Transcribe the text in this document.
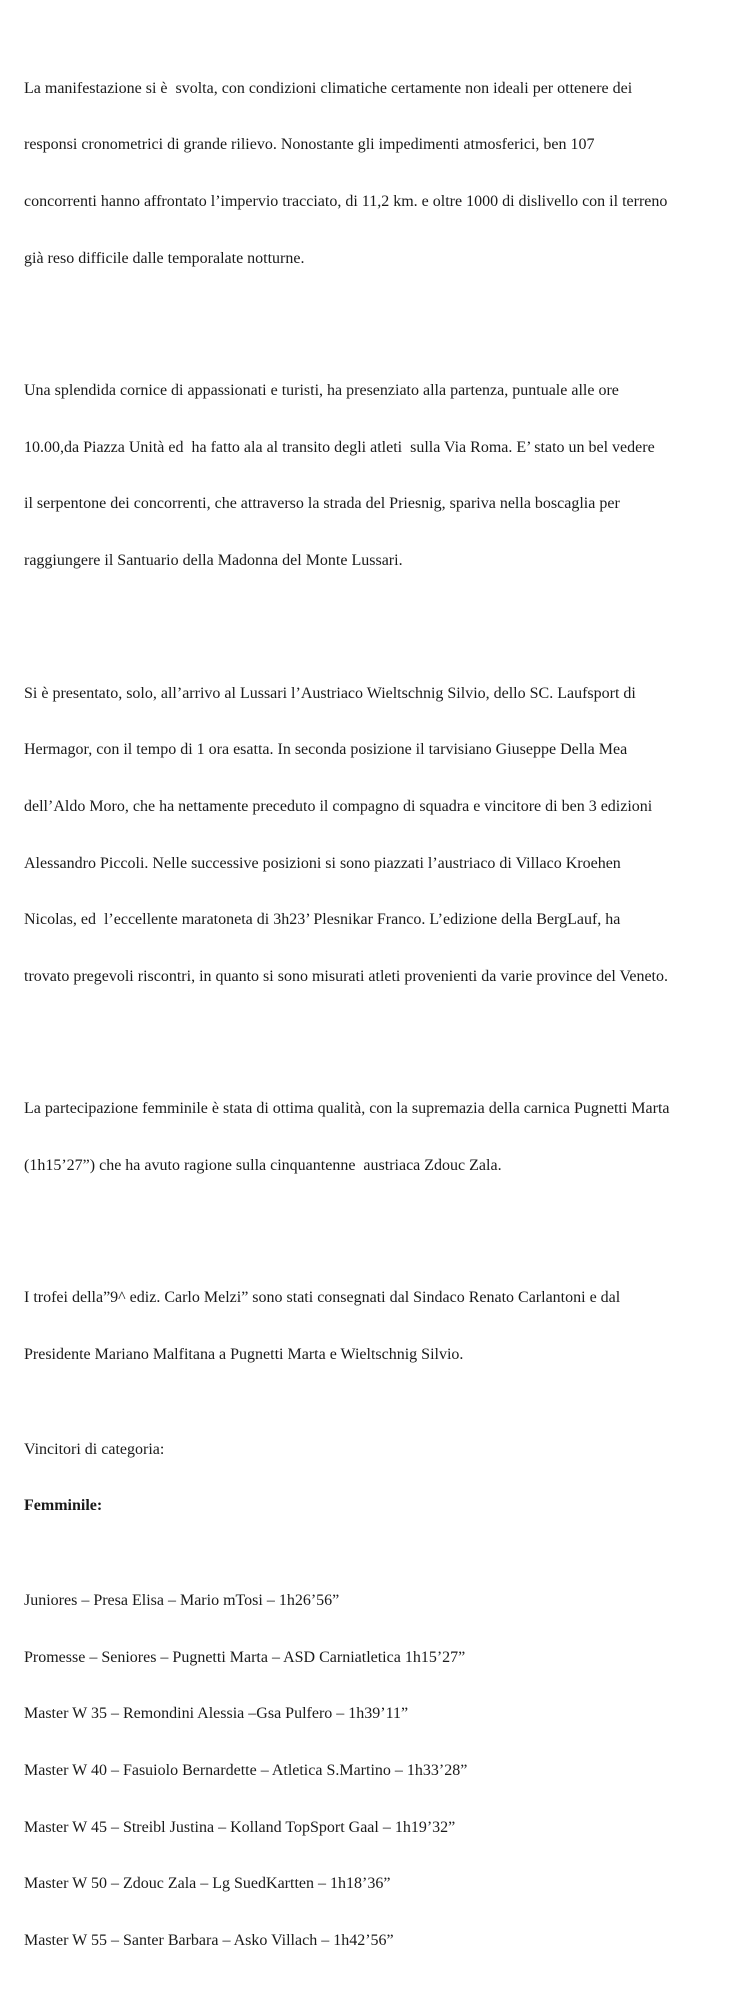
La manifestazione si è  svolta, con condizioni climatiche certamente non ideali per ottenere dei

responsi cronometrici di grande rilievo. Nonostante gli impedimenti atmosferici, ben 107

concorrenti hanno affrontato l’impervio tracciato, di 11,2 km. e oltre 1000 di dislivello con il terreno

già reso difficile dalle temporalate notturne.

Una splendida cornice di appassionati e turisti, ha presenziato alla partenza, puntuale alle ore

10.00,da Piazza Unità ed  ha fatto ala al transito degli atleti  sulla Via Roma. E’ stato un bel vedere

il serpentone dei concorrenti, che attraverso la strada del Priesnig, spariva nella boscaglia per

raggiungere il Santuario della Madonna del Monte Lussari.

Si è presentato, solo, all’arrivo al Lussari l’Austriaco Wieltschnig Silvio, dello SC. Laufsport di

Hermagor, con il tempo di 1 ora esatta. In seconda posizione il tarvisiano Giuseppe Della Mea

dell’Aldo Moro, che ha nettamente preceduto il compagno di squadra e vincitore di ben 3 edizioni

Alessandro Piccoli. Nelle successive posizioni si sono piazzati l’austriaco di Villaco Kroehen

Nicolas, ed  l’eccellente maratoneta di 3h23’ Plesnikar Franco. L’edizione della BergLauf, ha

trovato pregevoli riscontri, in quanto si sono misurati atleti provenienti da varie province del Veneto.

La partecipazione femminile è stata di ottima qualità, con la supremazia della carnica Pugnetti Marta

(1h15’27”) che ha avuto ragione sulla cinquantenne  austriaca Zdouc Zala.

I trofei della”9^ ediz. Carlo Melzi” sono stati consegnati dal Sindaco Renato Carlantoni e dal

Presidente Mariano Malfitana a Pugnetti Marta e Wieltschnig Silvio.

Vincitori di categoria:

Femminile:

Juniores – Presa Elisa – Mario mTosi – 1h26’56”

Promesse – Seniores – Pugnetti Marta – ASD Carniatletica 1h15’27”

Master W 35 – Remondini Alessia –Gsa Pulfero – 1h39’11”

Master W 40 – Fasuiolo Bernardette – Atletica S.Martino – 1h33’28”

Master W 45 – Streibl Justina – Kolland TopSport Gaal – 1h19’32”

Master W 50 – Zdouc Zala – Lg SuedKartten – 1h18’36”

Master W 55 – Santer Barbara – Asko Villach – 1h42’56”
